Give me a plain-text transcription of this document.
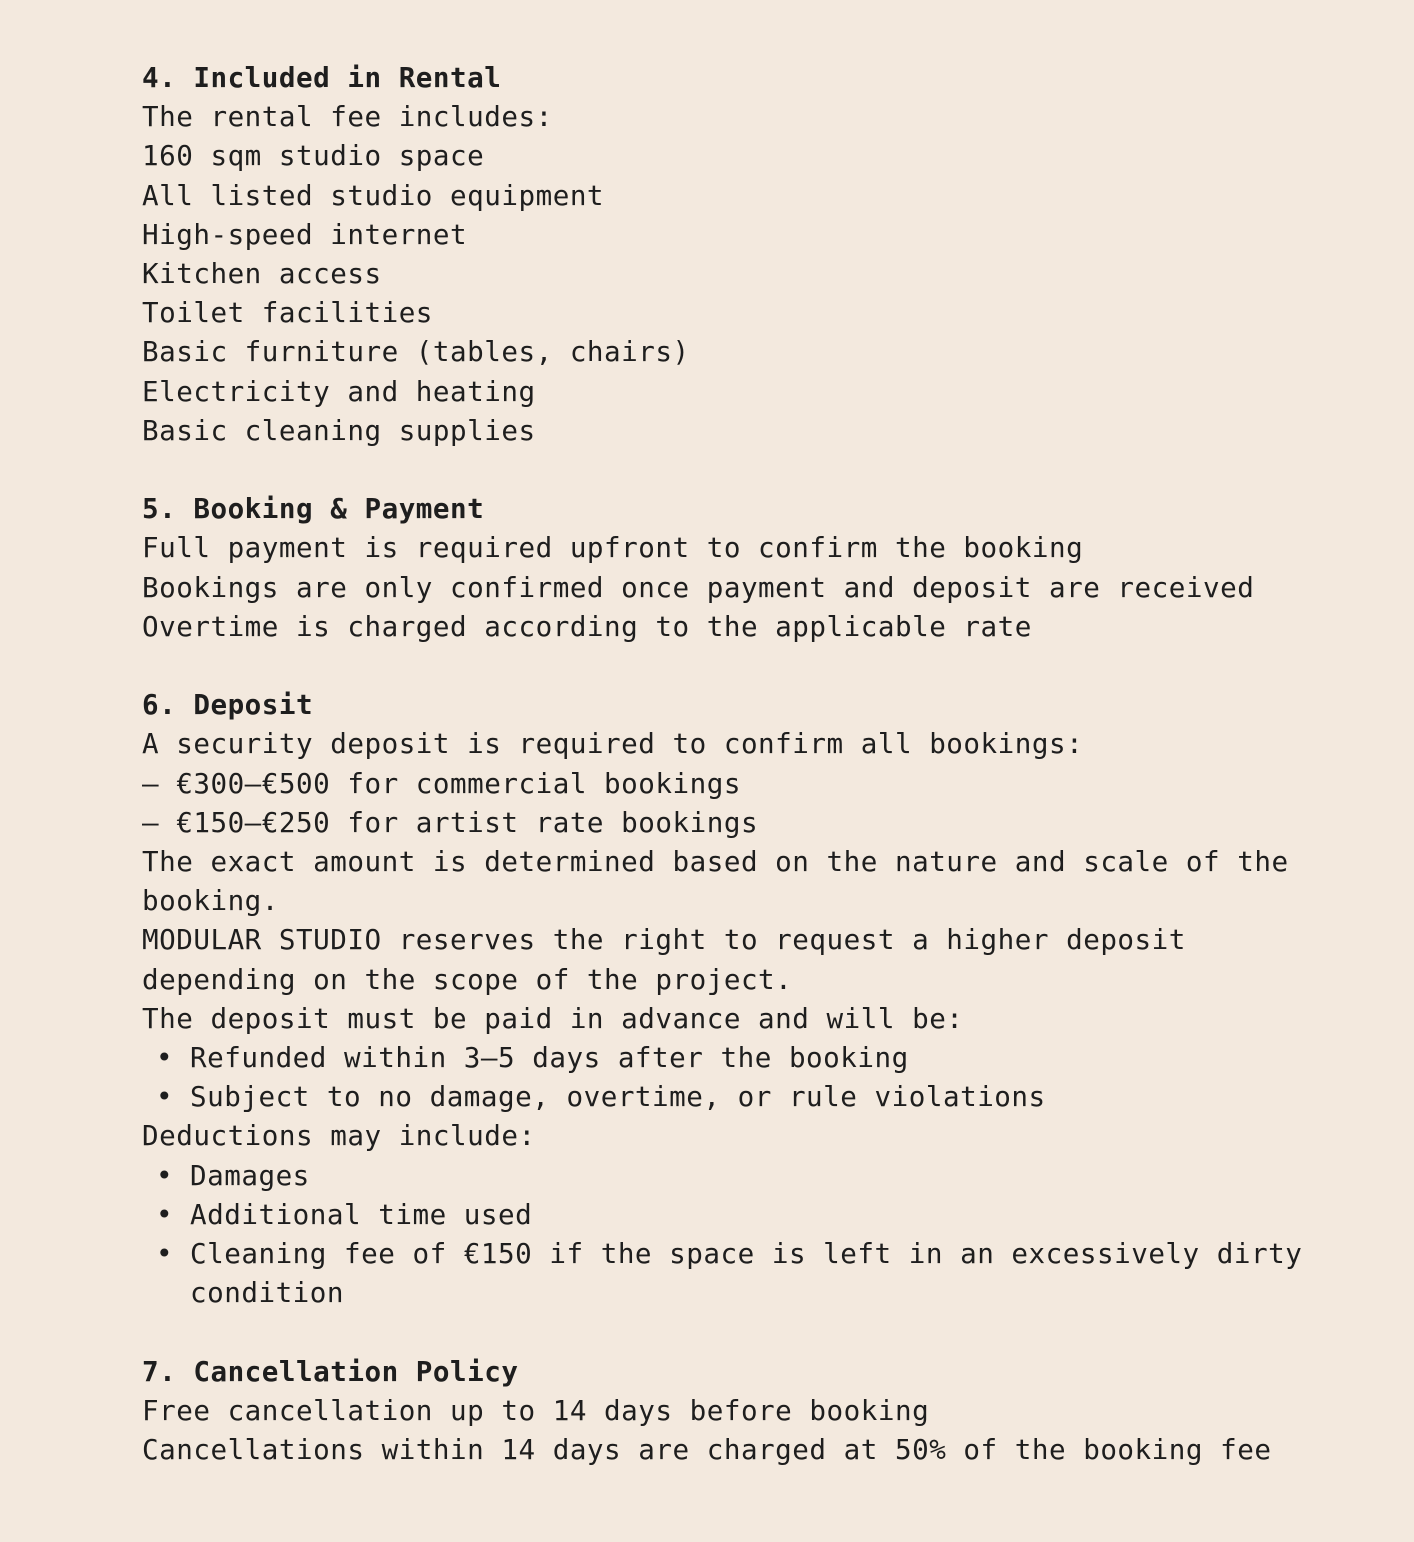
4. Included in Rental

The rental fee includes:

160 sqm studio space

All listed studio equipment

High-speed internet

Kitchen access

Toilet facilities

Basic furniture (tables, chairs)

Electricity and heating

Basic cleaning supplies

5. Booking & Payment

Full payment is required upfront to confirm the booking

Bookings are only confirmed once payment and deposit are received

Overtime is charged according to the applicable rate

6. Deposit

A security deposit is required to confirm all bookings:

– €300–€500 for commercial bookings

– €150–€250 for artist rate bookings

The exact amount is determined based on the nature and scale of the booking.

MODULAR STUDIO reserves the right to request a higher deposit depending on the scope of the project.

The deposit must be paid in advance and will be:

• Refunded within 3–5 days after the booking
• Subject to no damage, overtime, or rule violations

Deductions may include:

• Damages
• Additional time used
• Cleaning fee of €150 if the space is left in an excessively dirty condition

7. Cancellation Policy

Free cancellation up to 14 days before booking

Cancellations within 14 days are charged at 50% of the booking fee
